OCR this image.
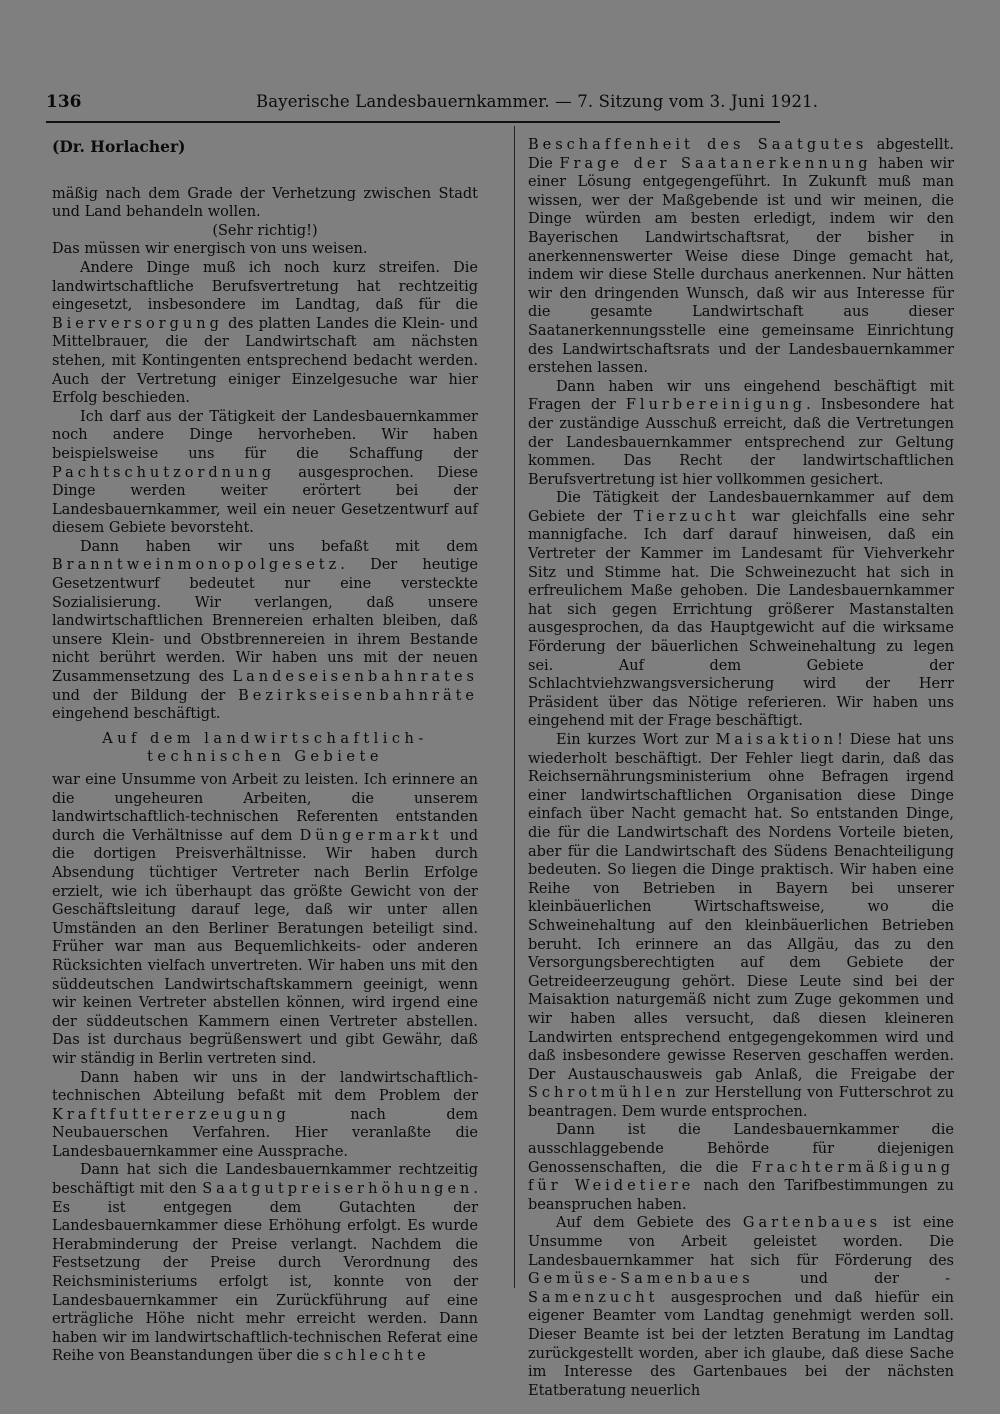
136	Bayerische Landesbauernkammer. — 7. Sitzung vom 3. Juni 1921.

(Dr. Horlacher)

mäßig nach dem Grade der Verhetzung zwischen Stadt und Land behandeln wollen.

(Sehr richtig!)

Das müssen wir energisch von uns weisen.

Andere Dinge muß ich noch kurz streifen. Die landwirtschaftliche Berufsvertretung hat rechtzeitig eingesetzt, insbesondere im Landtag, daß für die Bierversorgung des platten Landes die Klein- und Mittelbrauer, die der Landwirtschaft am nächsten stehen, mit Kontingenten entsprechend bedacht werden. Auch der Vertretung einiger Einzelgesuche war hier Erfolg beschieden.

Ich darf aus der Tätigkeit der Landesbauernkammer noch andere Dinge hervorheben. Wir haben beispielsweise uns für die Schaffung der Pachtschutzordnung ausgesprochen. Diese Dinge werden weiter erörtert bei der Landesbauernkammer, weil ein neuer Gesetzentwurf auf diesem Gebiete bevorsteht.

Dann haben wir uns befaßt mit dem Branntweinmonopolgesetz. Der heutige Gesetzentwurf bedeutet nur eine versteckte Sozialisierung. Wir verlangen, daß unsere landwirtschaftlichen Brennereien erhalten bleiben, daß unsere Klein- und Obstbrennereien in ihrem Bestande nicht berührt werden. Wir haben uns mit der neuen Zusammensetzung des Landeseisenbahnrates und der Bildung der Bezirkseisenbahnräte eingehend beschäftigt.

Auf dem landwirtschaftlich-technischen Gebiete

war eine Unsumme von Arbeit zu leisten. Ich erinnere an die ungeheuren Arbeiten, die unserem landwirtschaftlich-technischen Referenten entstanden durch die Verhältnisse auf dem Düngermarkt und die dortigen Preisverhältnisse. Wir haben durch Absendung tüchtiger Vertreter nach Berlin Erfolge erzielt, wie ich überhaupt das größte Gewicht von der Geschäftsleitung darauf lege, daß wir unter allen Umständen an den Berliner Beratungen beteiligt sind. Früher war man aus Bequemlichkeits- oder anderen Rücksichten vielfach unvertreten. Wir haben uns mit den süddeutschen Landwirtschaftskammern geeinigt, wenn wir keinen Vertreter abstellen können, wird irgend eine der süddeutschen Kammern einen Vertreter abstellen. Das ist durchaus begrüßenswert und gibt Gewähr, daß wir ständig in Berlin vertreten sind.

Dann haben wir uns in der landwirtschaftlich-technischen Abteilung befaßt mit dem Problem der Kraftfuttererzeugung nach dem Neubauerschen Verfahren. Hier veranlaßte die Landesbauernkammer eine Aussprache.

Dann hat sich die Landesbauernkammer rechtzeitig beschäftigt mit den Saatgutpreiserhöhungen. Es ist entgegen dem Gutachten der Landesbauernkammer diese Erhöhung erfolgt. Es wurde Herabminderung der Preise verlangt. Nachdem die Festsetzung der Preise durch Verordnung des Reichsministeriums erfolgt ist, konnte von der Landesbauernkammer ein Zurückführung auf eine erträgliche Höhe nicht mehr erreicht werden. Dann haben wir im landwirtschaftlich-technischen Referat eine Reihe von Beanstandungen über die schlechte

Beschaffenheit des Saatgutes abgestellt. Die Frage der Saatanerkennung haben wir einer Lösung entgegengeführt. In Zukunft muß man wissen, wer der Maßgebende ist und wir meinen, die Dinge würden am besten erledigt, indem wir den Bayerischen Landwirtschaftsrat, der bisher in anerkennenswerter Weise diese Dinge gemacht hat, indem wir diese Stelle durchaus anerkennen. Nur hätten wir den dringenden Wunsch, daß wir aus Interesse für die gesamte Landwirtschaft aus dieser Saatanerkennungsstelle eine gemeinsame Einrichtung des Landwirtschaftsrats und der Landesbauernkammer erstehen lassen.

Dann haben wir uns eingehend beschäftigt mit Fragen der Flurbereinigung. Insbesondere hat der zuständige Ausschuß erreicht, daß die Vertretungen der Landesbauernkammer entsprechend zur Geltung kommen. Das Recht der landwirtschaftlichen Berufsvertretung ist hier vollkommen gesichert.

Die Tätigkeit der Landesbauernkammer auf dem Gebiete der Tierzucht war gleichfalls eine sehr mannigfache. Ich darf darauf hinweisen, daß ein Vertreter der Kammer im Landesamt für Viehverkehr Sitz und Stimme hat. Die Schweinezucht hat sich in erfreulichem Maße gehoben. Die Landesbauernkammer hat sich gegen Errichtung größerer Mastanstalten ausgesprochen, da das Hauptgewicht auf die wirksame Förderung der bäuerlichen Schweinehaltung zu legen sei. Auf dem Gebiete der Schlachtviehzwangsversicherung wird der Herr Präsident über das Nötige referieren. Wir haben uns eingehend mit der Frage beschäftigt.

Ein kurzes Wort zur Maisaktion! Diese hat uns wiederholt beschäftigt. Der Fehler liegt darin, daß das Reichsernährungsministerium ohne Befragen irgend einer landwirtschaftlichen Organisation diese Dinge einfach über Nacht gemacht hat. So entstanden Dinge, die für die Landwirtschaft des Nordens Vorteile bieten, aber für die Landwirtschaft des Südens Benachteiligung bedeuten. So liegen die Dinge praktisch. Wir haben eine Reihe von Betrieben in Bayern bei unserer kleinbäuerlichen Wirtschaftsweise, wo die Schweinehaltung auf den kleinbäuerlichen Betrieben beruht. Ich erinnere an das Allgäu, das zu den Versorgungsberechtigten auf dem Gebiete der Getreideerzeugung gehört. Diese Leute sind bei der Maisaktion naturgemäß nicht zum Zuge gekommen und wir haben alles versucht, daß diesen kleineren Landwirten entsprechend entgegengekommen wird und daß insbesondere gewisse Reserven geschaffen werden. Der Austauschausweis gab Anlaß, die Freigabe der Schrotmühlen zur Herstellung von Futterschrot zu beantragen. Dem wurde entsprochen.

Dann ist die Landesbauernkammer die ausschlaggebende Behörde für diejenigen Genossenschaften, die die Frachtermäßigung für Weidetiere nach den Tarifbestimmungen zu beanspruchen haben.

Auf dem Gebiete des Gartenbaues ist eine Unsumme von Arbeit geleistet worden. Die Landesbauernkammer hat sich für Förderung des Gemüse-Samenbaues und der -Samenzucht ausgesprochen und daß hiefür ein eigener Beamter vom Landtag genehmigt werden soll. Dieser Beamte ist bei der letzten Beratung im Landtag zurückgestellt worden, aber ich glaube, daß diese Sache im Interesse des Gartenbaues bei der nächsten Etatberatung neuerlich
